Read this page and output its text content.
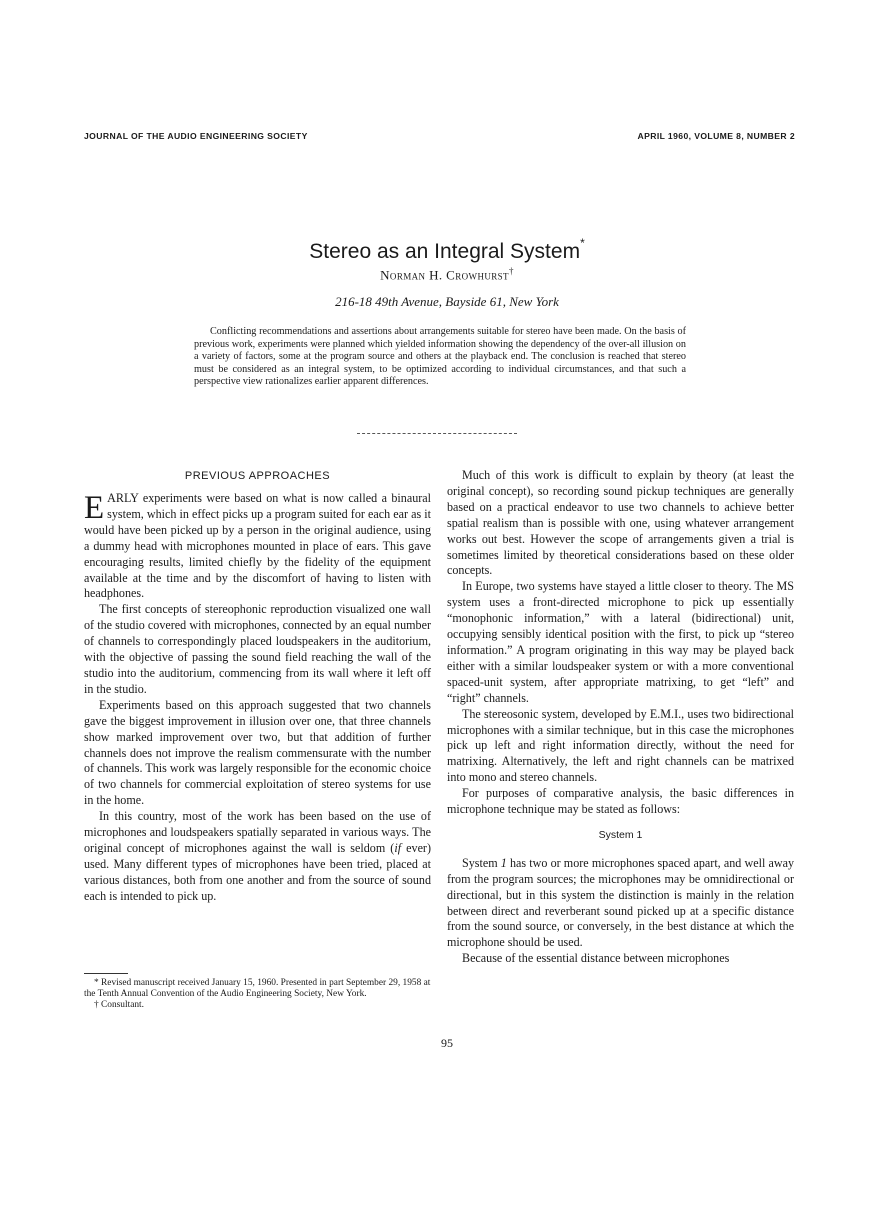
JOURNAL OF THE AUDIO ENGINEERING SOCIETY	APRIL 1960, VOLUME 8, NUMBER 2
Stereo as an Integral System*
Norman H. Crowhurst†
216-18 49th Avenue, Bayside 61, New York

Conflicting recommendations and assertions about arrangements suitable for stereo have been made. On the basis of previous work, experiments were planned which yielded information showing the dependency of the over-all illusion on a variety of factors, some at the program source and others at the playback end. The conclusion is reached that stereo must be considered as an integral system, to be optimized according to individual circumstances, and that such a perspective view rationalizes earlier apparent differences.

PREVIOUS APPROACHES

EARLY experiments were based on what is now called a binaural system, which in effect picks up a program suited for each ear as it would have been picked up by a person in the original audience, using a dummy head with microphones mounted in place of ears. This gave encouraging results, limited chiefly by the fidelity of the equipment available at the time and by the discomfort of having to listen with headphones.

The first concepts of stereophonic reproduction visualized one wall of the studio covered with microphones, connected by an equal number of channels to correspondingly placed loudspeakers in the auditorium, with the objective of passing the sound field reaching the wall of the studio into the auditorium, commencing from its wall where it left off in the studio.

Experiments based on this approach suggested that two channels gave the biggest improvement in illusion over one, that three channels show marked improvement over two, but that addition of further channels does not improve the realism commensurate with the number of channels. This work was largely responsible for the economic choice of two channels for commercial exploitation of stereo systems for use in the home.

In this country, most of the work has been based on the use of microphones and loudspeakers spatially separated in various ways. The original concept of microphones against the wall is seldom (if ever) used. Many different types of microphones have been tried, placed at various distances, both from one another and from the source of sound each is intended to pick up.

* Revised manuscript received January 15, 1960. Presented in part September 29, 1958 at the Tenth Annual Convention of the Audio Engineering Society, New York.

† Consultant.

Much of this work is difficult to explain by theory (at least the original concept), so recording sound pickup techniques are generally based on a practical endeavor to use two channels to achieve better spatial realism than is possible with one, using whatever arrangement works out best. However the scope of arrangements given a trial is sometimes limited by theoretical considerations based on these older concepts.

In Europe, two systems have stayed a little closer to theory. The MS system uses a front-directed microphone to pick up essentially “monophonic information,” with a lateral (bidirectional) unit, occupying sensibly identical position with the first, to pick up “stereo information.” A program originating in this way may be played back either with a similar loudspeaker system or with a more conventional spaced-unit system, after appropriate matrixing, to get “left” and “right” channels.

The stereosonic system, developed by E.M.I., uses two bidirectional microphones with a similar technique, but in this case the microphones pick up left and right information directly, without the need for matrixing. Alternatively, the left and right channels can be matrixed into mono and stereo channels.

For purposes of comparative analysis, the basic differences in microphone technique may be stated as follows:

System 1

System 1 has two or more microphones spaced apart, and well away from the program sources; the microphones may be omnidirectional or directional, but in this system the distinction is mainly in the relation between direct and reverberant sound picked up at a specific distance from the sound source, or conversely, in the best distance at which the microphone should be used.

Because of the essential distance between microphones

95
